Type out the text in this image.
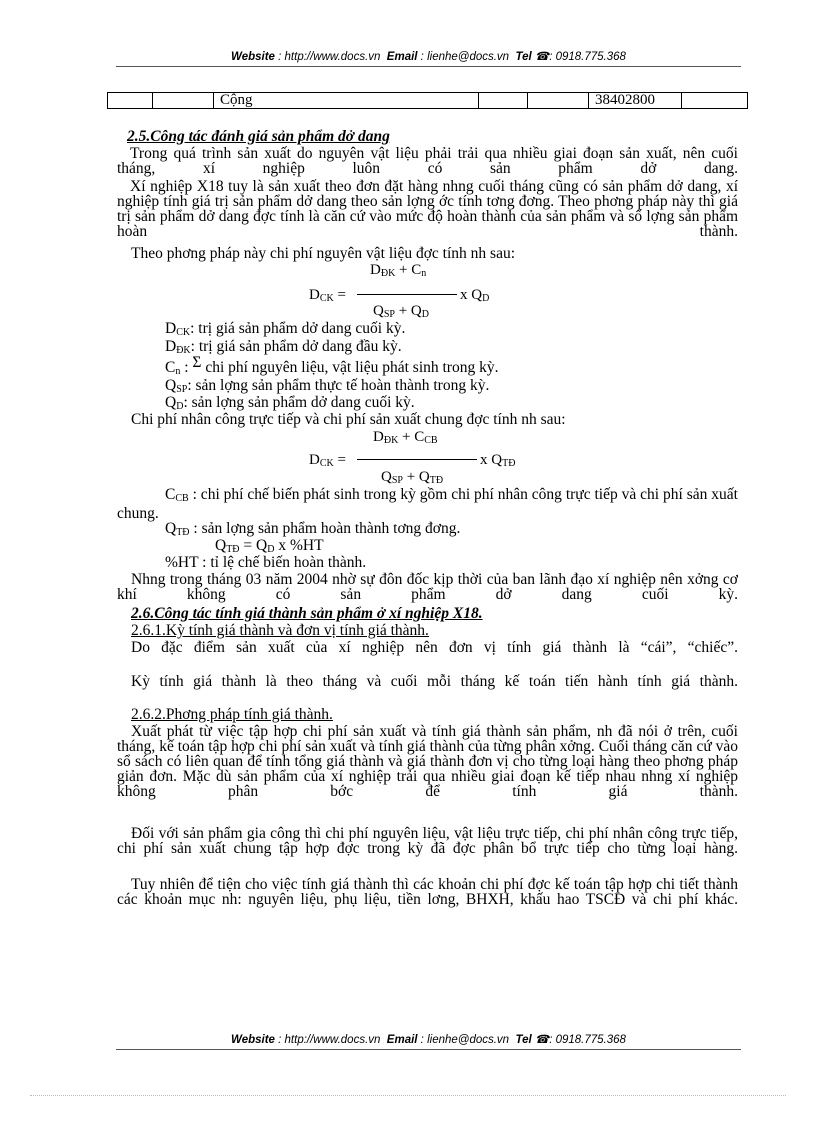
Website : http://www.docs.vn Email : lienhe@docs.vn Tel ☎: 0918.775.368
		Cộng			38402800	
2.5.Công tác đánh giá sản phẩm dở dang
Trong quá trình sản xuất do nguyên vật liệu phải trải qua nhiều giai đoạn sản xuất, nên cuối tháng, xí nghiệp luôn có sản phẩm dở dang.
Xí nghiệp X18 tuy là sản xuất theo đơn đặt hàng nhng cuối tháng cũng có sản phẩm dở dang, xí nghiệp tính giá trị sản phẩm dở dang theo sản lợng ớc tính tơng đơng. Theo phơng pháp này thì giá trị sản phẩm dở dang đợc tính là căn cứ vào mức độ hoàn thành của sản phẩm và số lợng sản phẩm hoàn thành.
Theo phơng pháp này chi phí nguyên vật liệu đợc tính nh sau:
$D_{ĐK} + C_n$
$D_{CK}$ =	x $Q_D$
$Q_{SP} + Q_D$
$D_{CK}$: trị giá sản phẩm dở dang cuối kỳ.
$D_{ĐK}$: trị giá sản phẩm dở dang đầu kỳ.
$C_n$ : Σ chi phí nguyên liệu, vật liệu phát sinh trong kỳ.
$Q_{SP}$: sản lợng sản phẩm thực tế hoàn thành trong kỳ.
$Q_D$: sản lợng sản phẩm dở dang cuối kỳ.
Chi phí nhân công trực tiếp và chi phí sản xuất chung đợc tính nh sau:
$D_{ĐK} + C_{CB}$
$D_{CK}$ =	x $Q_{TĐ}$
$Q_{SP} + Q_{TĐ}$
$C_{CB}$ : chi phí chế biến phát sinh trong kỳ gồm chi phí nhân công trực tiếp và chi phí sản xuất chung.
$Q_{TĐ}$ : sản lợng sản phẩm hoàn thành tơng đơng.
$Q_{TĐ} = Q_D$ x %HT
%HT : tỉ lệ chế biến hoàn thành.
Nhng trong tháng 03 năm 2004 nhờ sự đôn đốc kịp thời của ban lãnh đạo xí nghiệp nên xởng cơ khí không có sản phẩm dở dang cuối kỳ.
2.6.Công tác tính giá thành sản phẩm ở xí nghiệp X18.
2.6.1.Kỳ tính giá thành và đơn vị tính giá thành.
Do đặc điểm sản xuất của xí nghiệp nên đơn vị tính giá thành là “cái”, “chiếc”.
Kỳ tính giá thành là theo tháng và cuối mỗi tháng kế toán tiến hành tính giá thành.
2.6.2.Phơng pháp tính giá thành.
Xuất phát từ việc tập hợp chi phí sản xuất và tính giá thành sản phẩm, nh đã nói ở trên, cuối tháng, kế toán tập hợp chi phí sản xuất và tính giá thành của từng phân xởng. Cuối tháng căn cứ vào sổ sách có liên quan để tính tổng giá thành và giá thành đơn vị cho từng loại hàng theo phơng pháp giản đơn. Mặc dù sản phẩm của xí nghiệp trải qua nhiều giai đoạn kế tiếp nhau nhng xí nghiệp không phân bớc để tính giá thành.
Đối với sản phẩm gia công thì chi phí nguyên liệu, vật liệu trực tiếp, chi phí nhân công trực tiếp, chi phí sản xuất chung tập hợp đợc trong kỳ đã đợc phân bổ trực tiếp cho từng loại hàng.
Tuy nhiên để tiện cho việc tính giá thành thì các khoản chi phí đợc kế toán tập hợp chi tiết thành các khoản mục nh: nguyên liệu, phụ liệu, tiền lơng, BHXH, khấu hao TSCĐ và chi phí khác.
Website : http://www.docs.vn Email : lienhe@docs.vn Tel ☎: 0918.775.368
